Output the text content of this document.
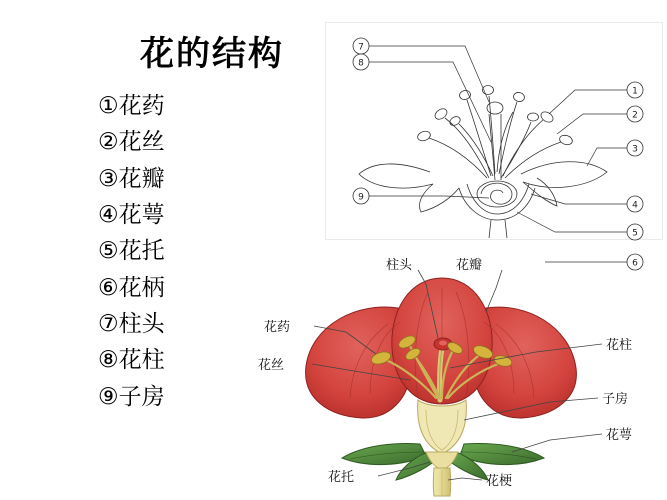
花的结构
①花药
②花丝
③花瓣
④花萼
⑤花托
⑥花柄
⑦柱头
⑧花柱
⑨子房
7
8
9
1
2
3
4
5
6
柱头	花瓣
花药
花丝
花柱
子房
花萼
花托	花梗
